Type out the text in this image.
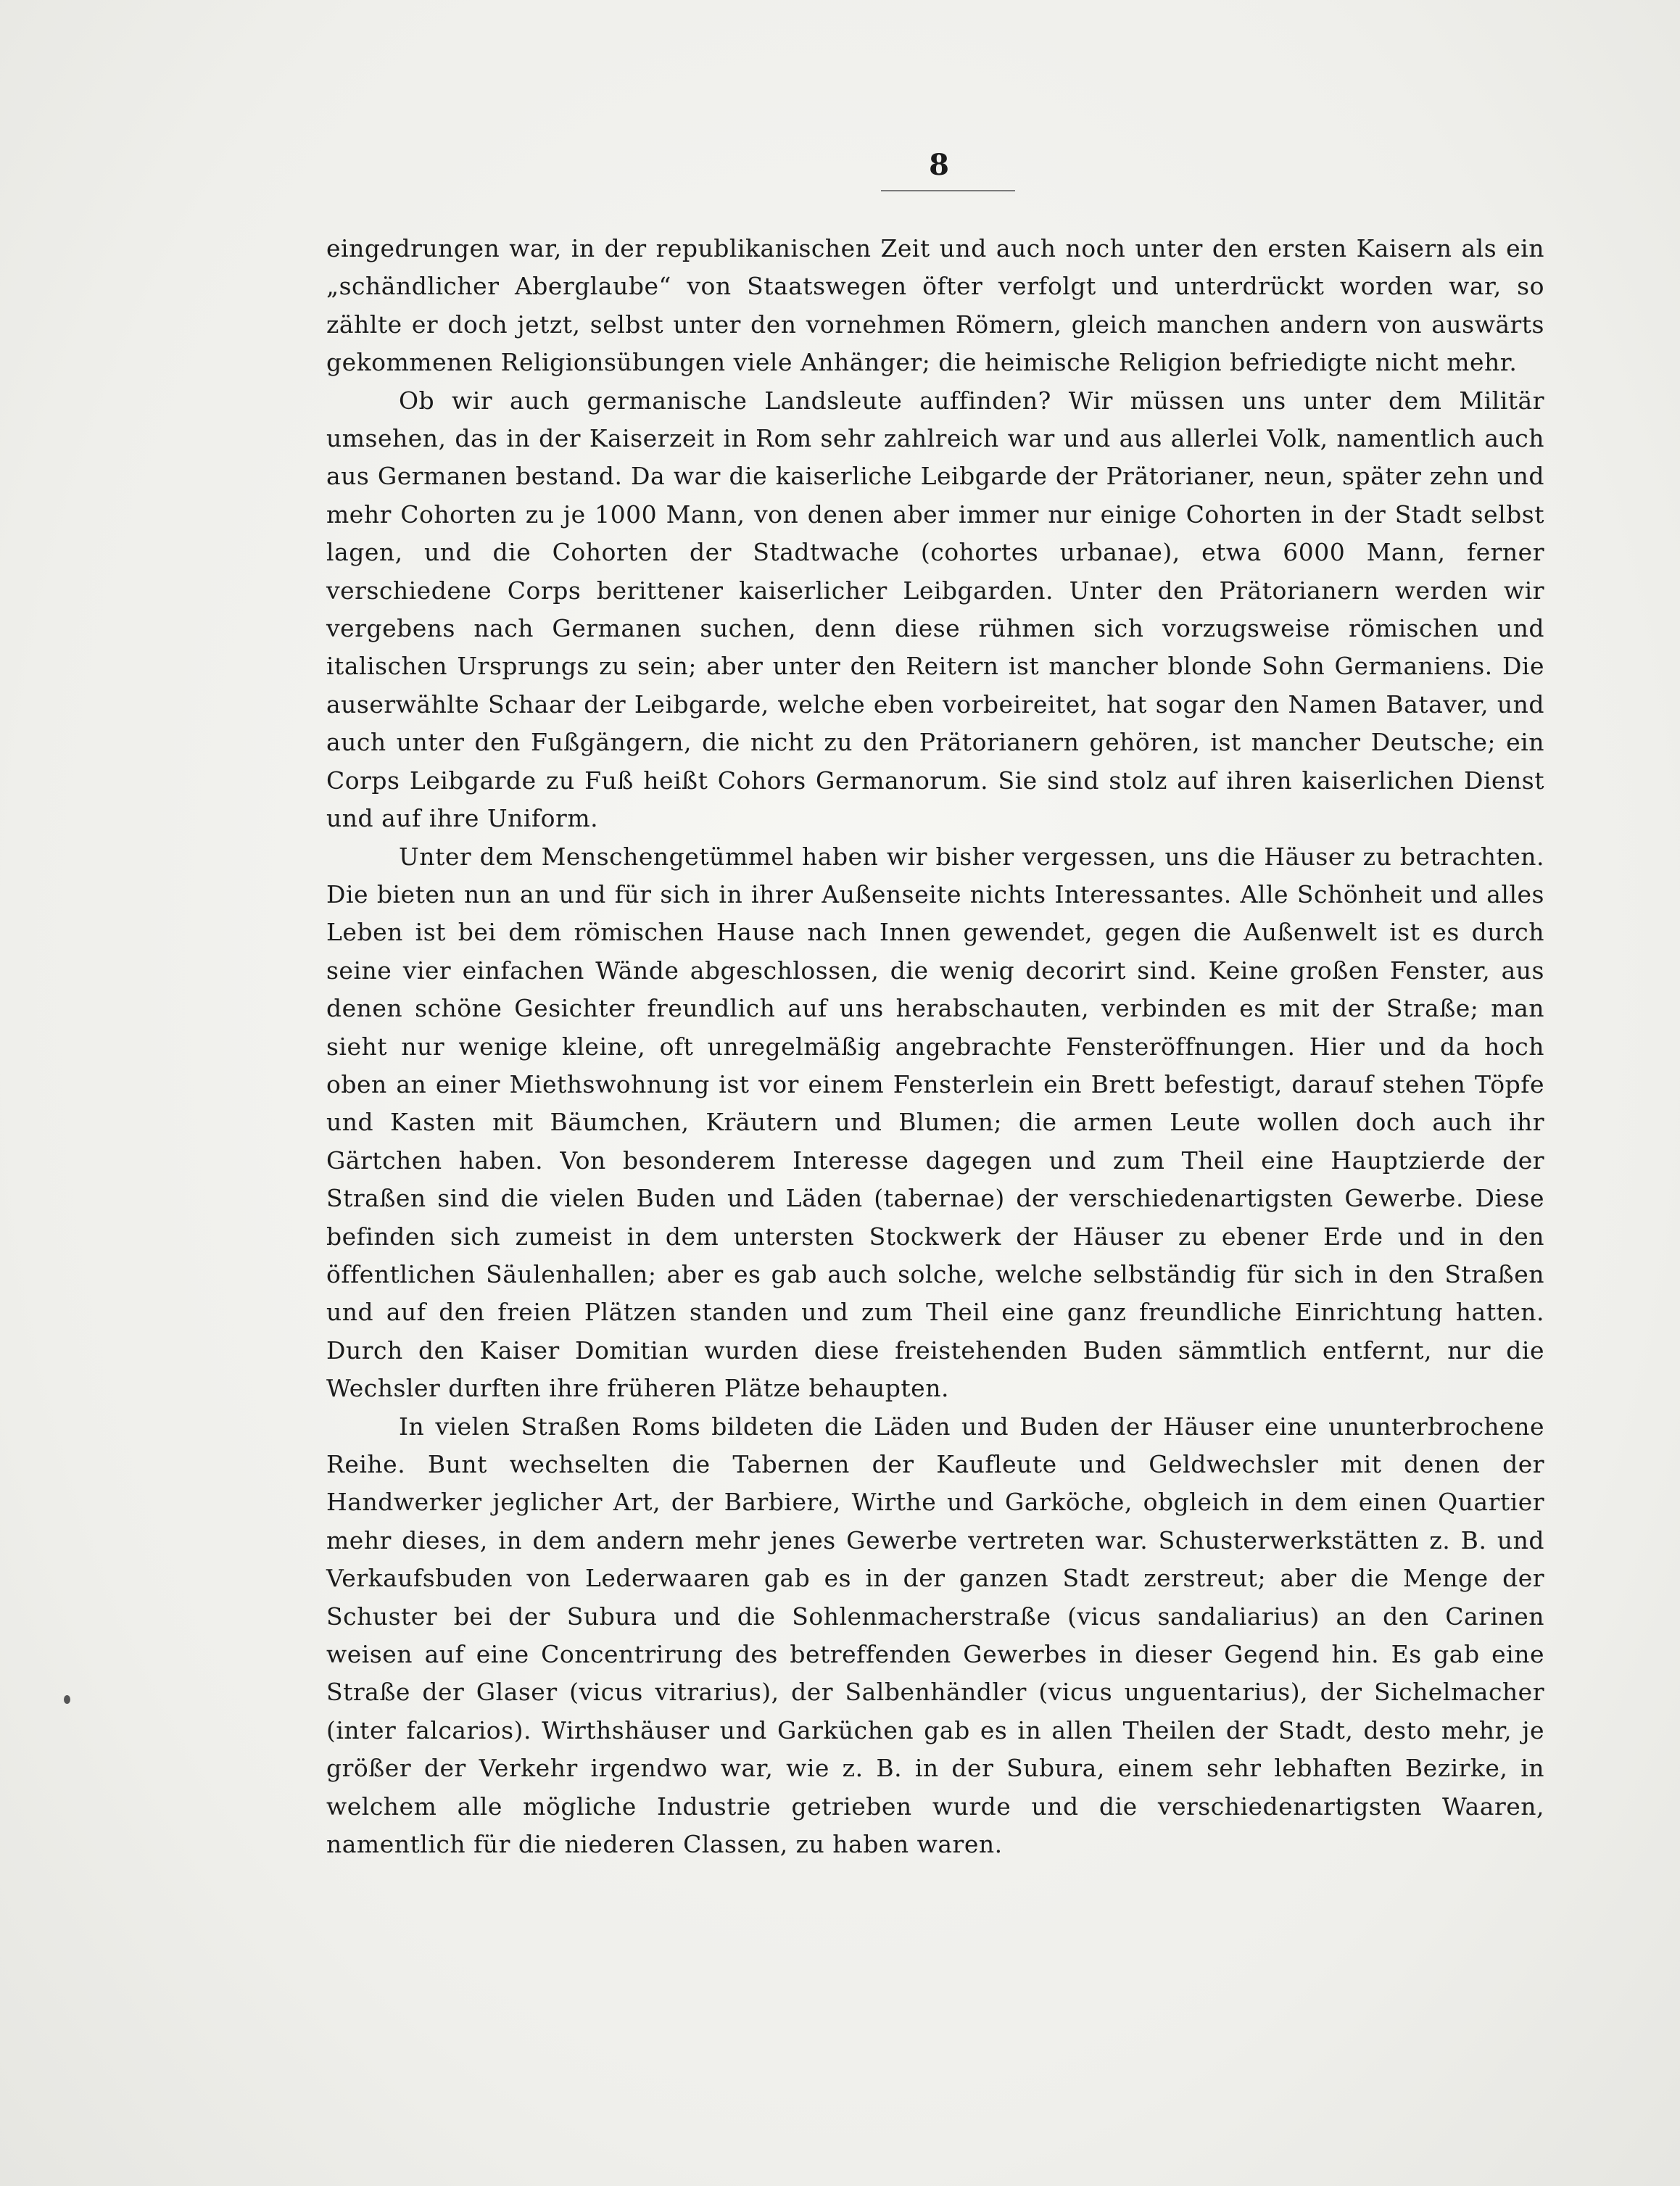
8

eingedrungen war, in der republikanischen Zeit und auch noch unter den ersten Kaisern als ein „schändlicher Aberglaube“ von Staatswegen öfter verfolgt und unterdrückt worden war, so zählte er doch jetzt, selbst unter den vornehmen Römern, gleich manchen andern von auswärts gekommenen Religionsübungen viele Anhänger; die heimische Religion befriedigte nicht mehr.

Ob wir auch germanische Landsleute auffinden? Wir müssen uns unter dem Militär umsehen, das in der Kaiserzeit in Rom sehr zahlreich war und aus allerlei Volk, namentlich auch aus Germanen bestand. Da war die kaiserliche Leibgarde der Prätorianer, neun, später zehn und mehr Cohorten zu je 1000 Mann, von denen aber immer nur einige Cohorten in der Stadt selbst lagen, und die Cohorten der Stadtwache (cohortes urbanae), etwa 6000 Mann, ferner verschiedene Corps berittener kaiserlicher Leibgarden. Unter den Prätorianern werden wir vergebens nach Germanen suchen, denn diese rühmen sich vorzugsweise römischen und italischen Ursprungs zu sein; aber unter den Reitern ist mancher blonde Sohn Germaniens. Die auserwählte Schaar der Leibgarde, welche eben vorbeireitet, hat sogar den Namen Bataver, und auch unter den Fußgängern, die nicht zu den Prätorianern gehören, ist mancher Deutsche; ein Corps Leibgarde zu Fuß heißt Cohors Germanorum. Sie sind stolz auf ihren kaiserlichen Dienst und auf ihre Uniform.

Unter dem Menschengetümmel haben wir bisher vergessen, uns die Häuser zu betrachten. Die bieten nun an und für sich in ihrer Außenseite nichts Interessantes. Alle Schönheit und alles Leben ist bei dem römischen Hause nach Innen gewendet, gegen die Außenwelt ist es durch seine vier einfachen Wände abgeschlossen, die wenig decorirt sind. Keine großen Fenster, aus denen schöne Gesichter freundlich auf uns herabschauten, verbinden es mit der Straße; man sieht nur wenige kleine, oft unregelmäßig angebrachte Fensteröffnungen. Hier und da hoch oben an einer Miethswohnung ist vor einem Fensterlein ein Brett befestigt, darauf stehen Töpfe und Kasten mit Bäumchen, Kräutern und Blumen; die armen Leute wollen doch auch ihr Gärtchen haben. Von besonderem Interesse dagegen und zum Theil eine Hauptzierde der Straßen sind die vielen Buden und Läden (tabernae) der verschiedenartigsten Gewerbe. Diese befinden sich zumeist in dem untersten Stockwerk der Häuser zu ebener Erde und in den öffentlichen Säulenhallen; aber es gab auch solche, welche selbständig für sich in den Straßen und auf den freien Plätzen standen und zum Theil eine ganz freundliche Einrichtung hatten. Durch den Kaiser Domitian wurden diese freistehenden Buden sämmtlich entfernt, nur die Wechsler durften ihre früheren Plätze behaupten.

In vielen Straßen Roms bildeten die Läden und Buden der Häuser eine ununterbrochene Reihe. Bunt wechselten die Tabernen der Kaufleute und Geldwechsler mit denen der Handwerker jeglicher Art, der Barbiere, Wirthe und Garköche, obgleich in dem einen Quartier mehr dieses, in dem andern mehr jenes Gewerbe vertreten war. Schusterwerkstätten z. B. und Verkaufsbuden von Lederwaaren gab es in der ganzen Stadt zerstreut; aber die Menge der Schuster bei der Subura und die Sohlenmacherstraße (vicus sandaliarius) an den Carinen weisen auf eine Concentrirung des betreffenden Gewerbes in dieser Gegend hin. Es gab eine Straße der Glaser (vicus vitrarius), der Salbenhändler (vicus unguentarius), der Sichelmacher (inter falcarios). Wirthshäuser und Garküchen gab es in allen Theilen der Stadt, desto mehr, je größer der Verkehr irgendwo war, wie z. B. in der Subura, einem sehr lebhaften Bezirke, in welchem alle mögliche Industrie getrieben wurde und die verschiedenartigsten Waaren, namentlich für die niederen Classen, zu haben waren.
